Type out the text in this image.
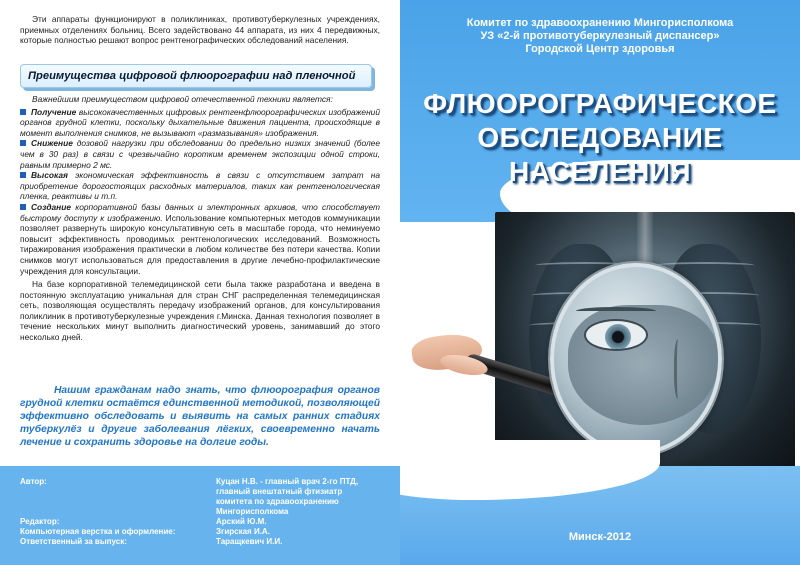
Эти аппараты функционируют в поликлиниках, противотуберкулезных учреждениях, приемных отделениях больниц. Всего задействовано 44 аппарата, из них 4 передвижных, которые полностью решают вопрос рентгенографических обследований населения.

Преимущества цифровой флюорографии над пленочной

Важнейшим преимуществом цифровой отечественной техники является:

Получение высококачественных цифровых рентгенфлюорографических изображений органов грудной клетки, поскольку дыхательные движения пациента, происходящие в момент выполнения снимков, не вызывают «размазывания» изображения.

Снижение дозовой нагрузки при обследовании до предельно низких значений (более чем в 30 раз) в связи с чрезвычайно коротким временем экспозиции одной строки, равным примерно 2 мс.

Высокая экономическая эффективность в связи с отсутствием затрат на приобретение дорогостоящих расходных материалов, таких как рентгенологическая пленка, реактивы и т.п.

Создание корпоративной базы данных и электронных архивов, что способствует быстрому доступу к изображению. Использование компьютерных методов коммуникации позволяет развернуть широкую консультативную сеть в масштабе города, что неминуемо повысит эффективность проводимых рентгенологических исследований. Возможность тиражирования изображения практически в любом количестве без потери качества. Копии снимков могут использоваться для предоставления в другие лечебно-профилактические учреждения для консультации.

На базе корпоративной телемедицинской сети была также разработана и введена в постоянную эксплуатацию уникальная для стран СНГ распределенная телемедицинская сеть, позволяющая осуществлять передачу изображений органов, для консультирования поликлиник в противотуберкулезные учреждения г.Минска. Данная технология позволяет в течение нескольких минут выполнить диагностический уровень, занимавший до этого несколько дней.

Нашим гражданам надо знать, что флюорография органов грудной клетки остаётся единственной методикой, позволяющей эффективно обследовать и выявить на самых ранних стадиях туберкулёз и другие заболевания лёгких, своевременно начать лечение и сохранить здоровье на долгие годы.

Автор:	Куцан Н.В. - главный врач 2-го ПТД,
главный внештатный фтизиатр
комитета по здравоохранению
Мингорисполкома
Редактор:	Арский Ю.М.
Компьютерная верстка и оформление:	Згирская И.А.
Ответственный за выпуск:	Таращкевич И.И.
Комитет по здравоохранению Мингорисполкома
УЗ «2-й противотуберкулезный диспансер»
Городской Центр здоровья
ФЛЮОРОГРАФИЧЕСКОЕ
ОБСЛЕДОВАНИЕ
НАСЕЛЕНИЯ
Минск-2012
